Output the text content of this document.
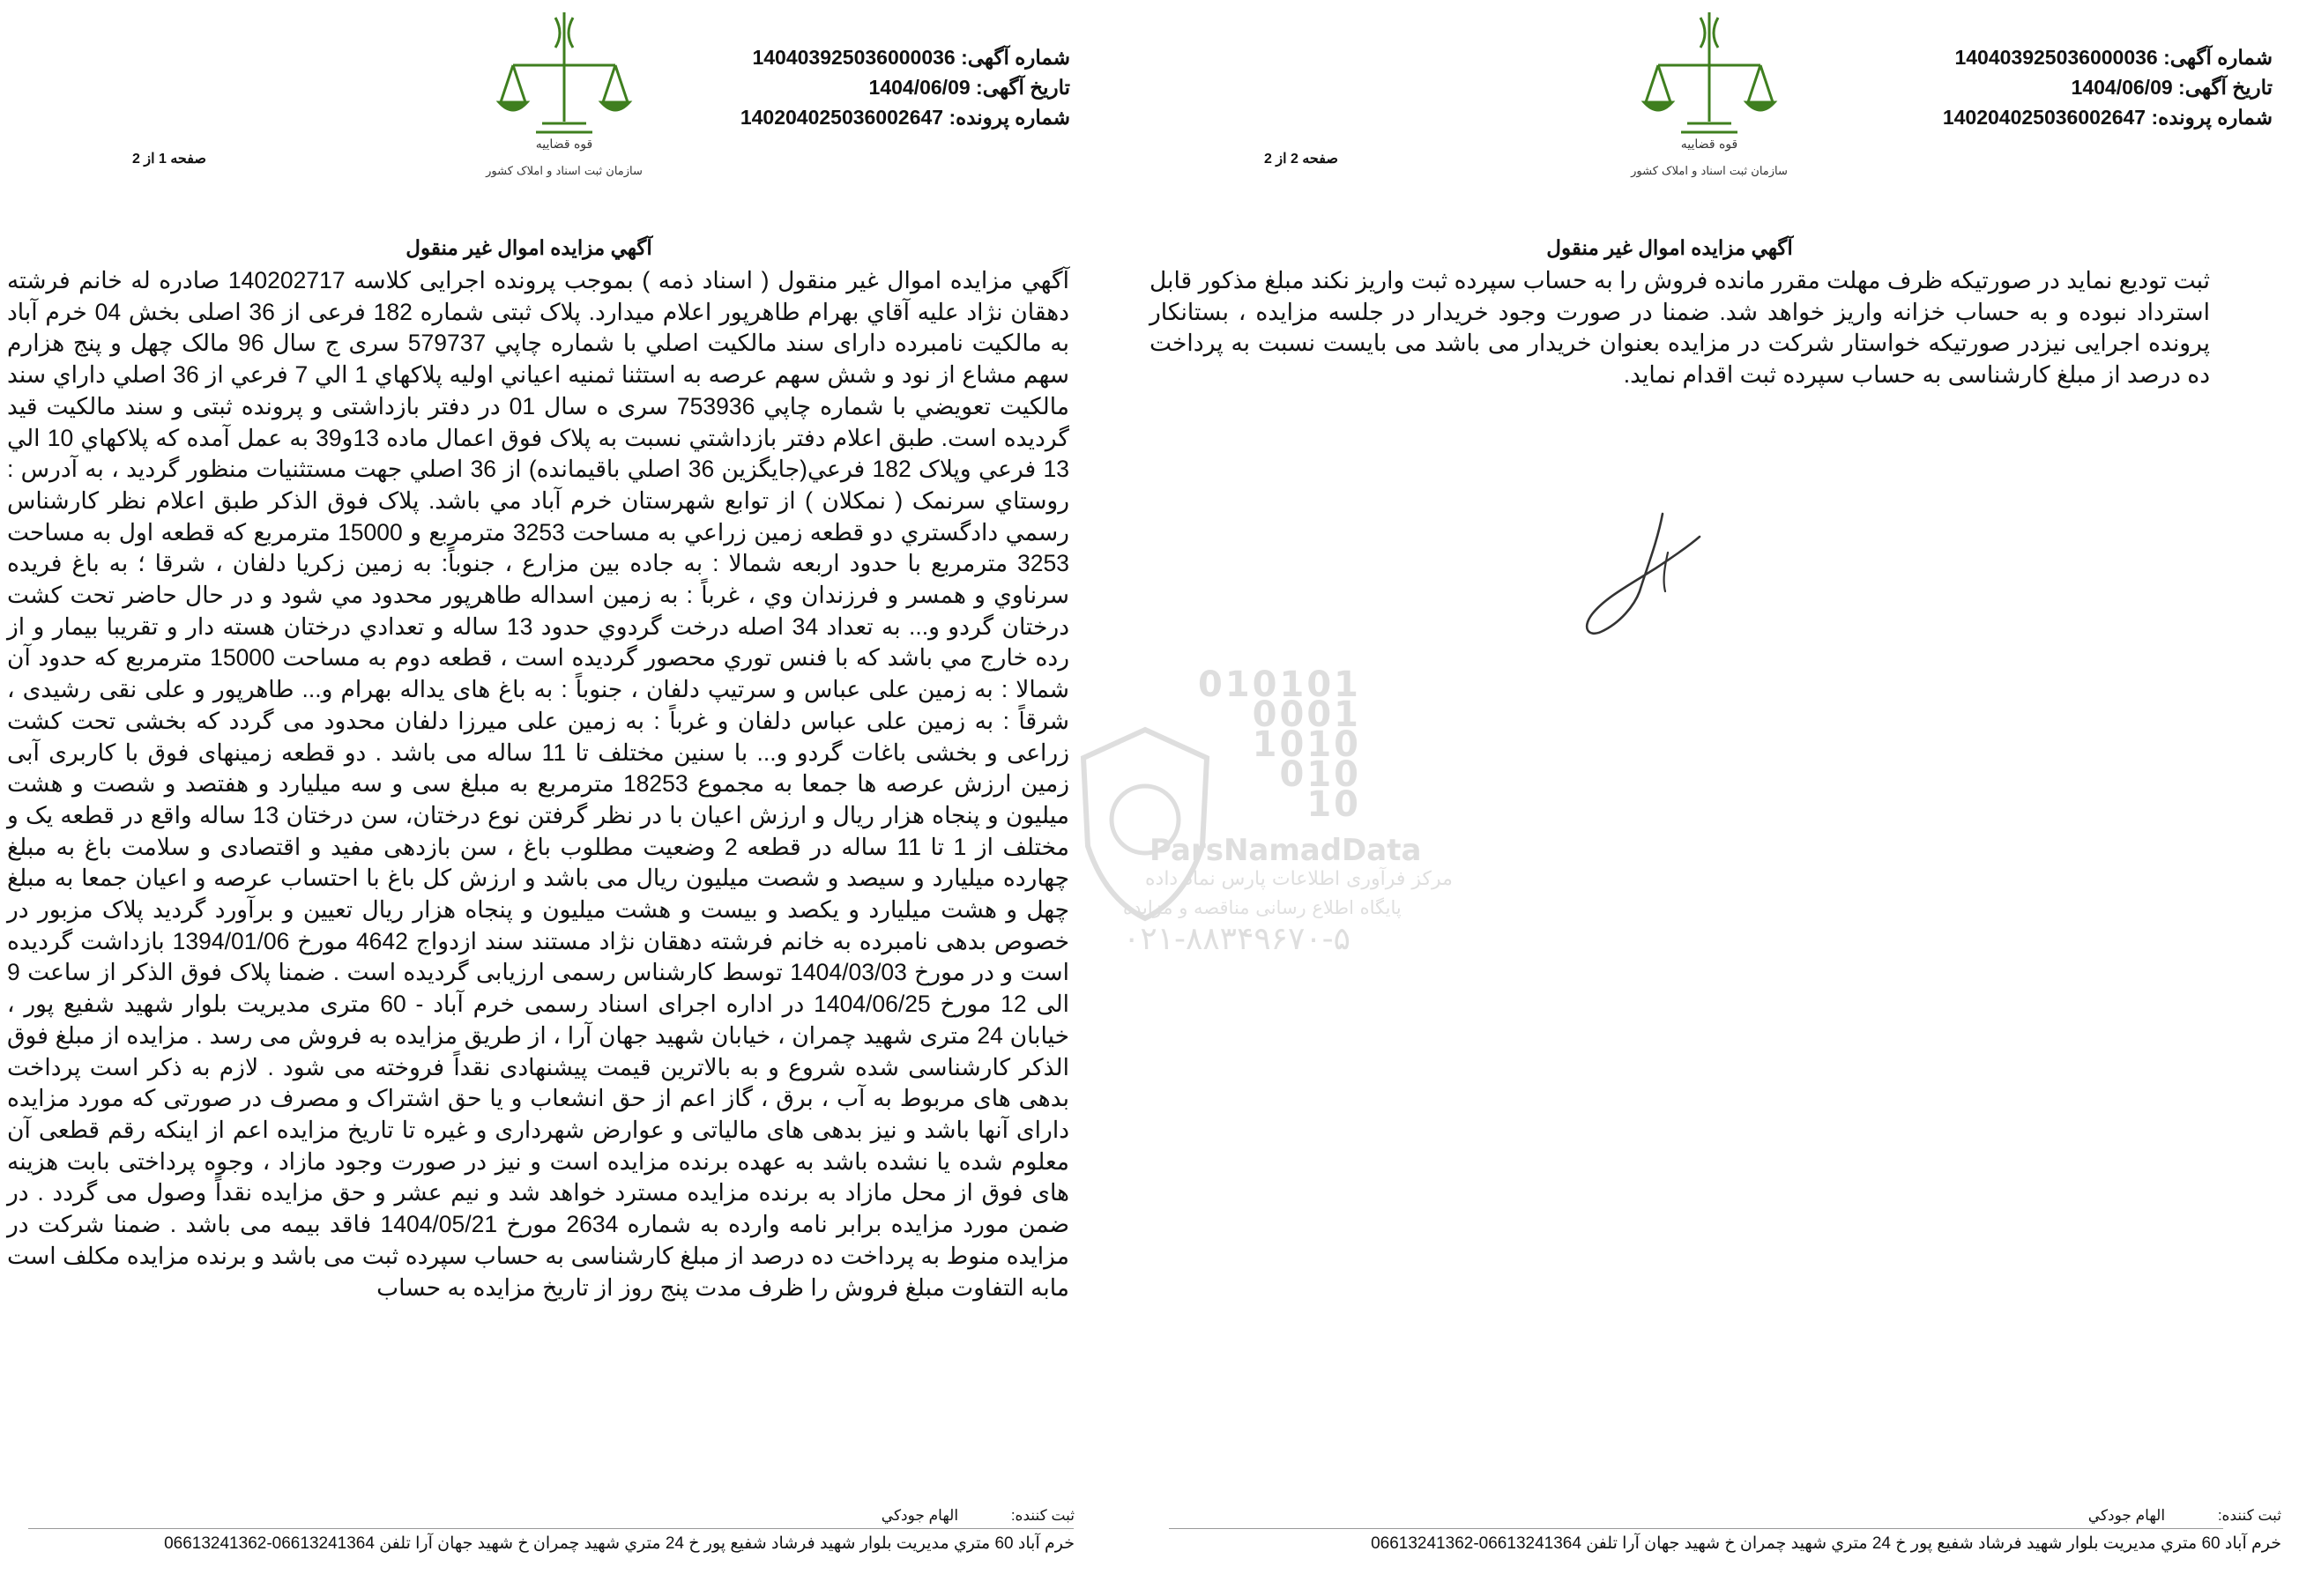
قوه قضاییه
سازمان ثبت اسناد و املاک کشور
شماره آگهی: 140403925036000036
تاریخ آگهی: 1404/06/09
شماره پرونده: 140204025036002647
صفحه 1 از 2
آگهي مزايده اموال غير منقول

آگهي مزايده اموال غير منقول ( اسناد ذمه ) بموجب پرونده اجرایی کلاسه 140202717 صادره له خانم فرشته دهقان نژاد علیه آقاي بهرام طاهرپور اعلام ميدارد. پلاک ثبتی شماره 182 فرعی از 36 اصلی بخش 04 خرم آباد به مالکیت نامبرده دارای سند مالکيت اصلي با شماره چاپي 579737 سری ج سال 96 مالک چهل و پنج هزارم سهم مشاع از نود و شش سهم عرصه به استثنا ثمنيه اعياني اوليه پلاکهاي 1 الي 7 فرعي از 36 اصلي داراي سند مالکيت تعويضي با شماره چاپي 753936 سری ه سال 01 در دفتر بازداشتی و پرونده ثبتی و سند مالکیت قید گردیده است. طبق اعلام دفتر بازداشتي نسبت به پلاک فوق اعمال ماده 13و39 به عمل آمده که پلاکهاي 10 الي 13 فرعي وپلاک 182 فرعي(جايگزين 36 اصلي باقيمانده) از 36 اصلي جهت مستثنيات منظور گرديد ، به آدرس : روستاي سرنمک ( نمکلان ) از توابع شهرستان خرم آباد مي باشد. پلاک فوق الذکر طبق اعلام نظر کارشناس رسمي دادگستري دو قطعه زمين زراعي به مساحت 3253 مترمربع و 15000 مترمربع که قطعه اول به مساحت 3253 مترمربع با حدود اربعه شمالا : به جاده بين مزارع ، جنوباً: به زمين زکريا دلفان ، شرقا ؛ به باغ فريده سرناوي و همسر و فرزندان وي ، غرباً : به زمين اسداله طاهرپور محدود مي شود و در حال حاضر تحت کشت درختان گردو و... به تعداد 34 اصله درخت گردوي حدود 13 ساله و تعدادي درختان هسته دار و تقريبا بيمار و از رده خارج مي باشد که با فنس توري محصور گرديده است ، قطعه دوم به مساحت 15000 مترمربع که حدود آن شمالا : به زمین علی عباس و سرتیپ دلفان ، جنوباً : به باغ های یداله بهرام و... طاهرپور و علی نقی رشیدی ، شرقاً : به زمین علی عباس دلفان و غرباً : به زمین علی میرزا دلفان محدود می گردد که بخشی تحت کشت زراعی و بخشی باغات گردو و... با سنین مختلف تا 11 ساله می باشد . دو قطعه زمینهای فوق با کاربری آبی زمین ارزش عرصه ها جمعا به مجموع 18253 مترمربع به مبلغ سی و سه میلیارد و هفتصد و شصت و هشت میلیون و پنجاه هزار ریال و ارزش اعیان با در نظر گرفتن نوع درختان، سن درختان 13 ساله واقع در قطعه یک و مختلف از 1 تا 11 ساله در قطعه 2 وضعیت مطلوب باغ ، سن بازدهی مفید و اقتصادی و سلامت باغ به مبلغ چهارده میلیارد و سیصد و شصت میلیون ریال می باشد و ارزش کل باغ با احتساب عرصه و اعیان جمعا به مبلغ چهل و هشت میلیارد و یکصد و بیست و هشت میلیون و پنجاه هزار ریال تعیین و برآورد گردید پلاک مزبور در خصوص بدهی نامبرده به خانم فرشته دهقان نژاد مستند سند ازدواج 4642 مورخ 1394/01/06 بازداشت گردیده است و در مورخ 1404/03/03 توسط کارشناس رسمی ارزیابی گردیده است . ضمنا پلاک فوق الذکر از ساعت 9 الی 12 مورخ 1404/06/25 در اداره اجرای اسناد رسمی خرم آباد - 60 متری مدیریت بلوار شهید شفیع پور ، خیابان 24 متری شهید چمران ، خیابان شهید جهان آرا ، از طریق مزایده به فروش می رسد . مزایده از مبلغ فوق الذکر کارشناسی شده شروع و به بالاترین قیمت پیشنهادی نقداً فروخته می شود . لازم به ذکر است پرداخت بدهی های مربوط به آب ، برق ، گاز اعم از حق انشعاب و یا حق اشتراک و مصرف در صورتی که مورد مزایده دارای آنها باشد و نیز بدهی های مالیاتی و عوارض شهرداری و غیره تا تاریخ مزایده اعم از اینکه رقم قطعی آن معلوم شده یا نشده باشد به عهده برنده مزایده است و نیز در صورت وجود مازاد ، وجوه پرداختی بابت هزینه های فوق از محل مازاد به برنده مزایده مسترد خواهد شد و نیم عشر و حق مزایده نقداً وصول می گردد . در ضمن مورد مزایده برابر نامه وارده به شماره 2634 مورخ 1404/05/21 فاقد بیمه می باشد . ضمنا شرکت در مزایده منوط به پرداخت ده درصد از مبلغ کارشناسی به حساب سپرده ثبت می باشد و برنده مزایده مکلف است مابه التفاوت مبلغ فروش را ظرف مدت پنج روز از تاریخ مزایده به حساب

ثبت کننده: الهام جودکي
خرم آباد 60 متري مديريت بلوار شهيد فرشاد شفيع پور خ 24 متري شهيد چمران خ شهيد جهان آرا تلفن 06613241364-06613241362
قوه قضاییه
سازمان ثبت اسناد و املاک کشور
شماره آگهی: 140403925036000036
تاریخ آگهی: 1404/06/09
شماره پرونده: 140204025036002647
صفحه 2 از 2
آگهي مزايده اموال غير منقول

ثبت تودیع نماید در صورتیکه ظرف مهلت مقرر مانده فروش را به حساب سپرده ثبت واریز نکند مبلغ مذکور قابل استرداد نبوده و به حساب خزانه واریز خواهد شد. ضمنا در صورت وجود خریدار در جلسه مزایده ، بستانکار پرونده اجرایی نیزدر صورتیکه خواستار شرکت در مزایده بعنوان خریدار می باشد می بایست نسبت به پرداخت ده درصد از مبلغ کارشناسی به حساب سپرده ثبت اقدام نماید.

ثبت کننده: الهام جودکي
خرم آباد 60 متري مديريت بلوار شهيد فرشاد شفيع پور خ 24 متري شهيد چمران خ شهيد جهان آرا تلفن 06613241364-06613241362
010101
0001
1010
010
10
ParsNamadData
مرکز فرآوری اطلاعات پارس نماد داده
پایگاه اطلاع رسانی مناقصه و مزایده
۰۲۱-۸۸۳۴۹۶۷۰-۵
